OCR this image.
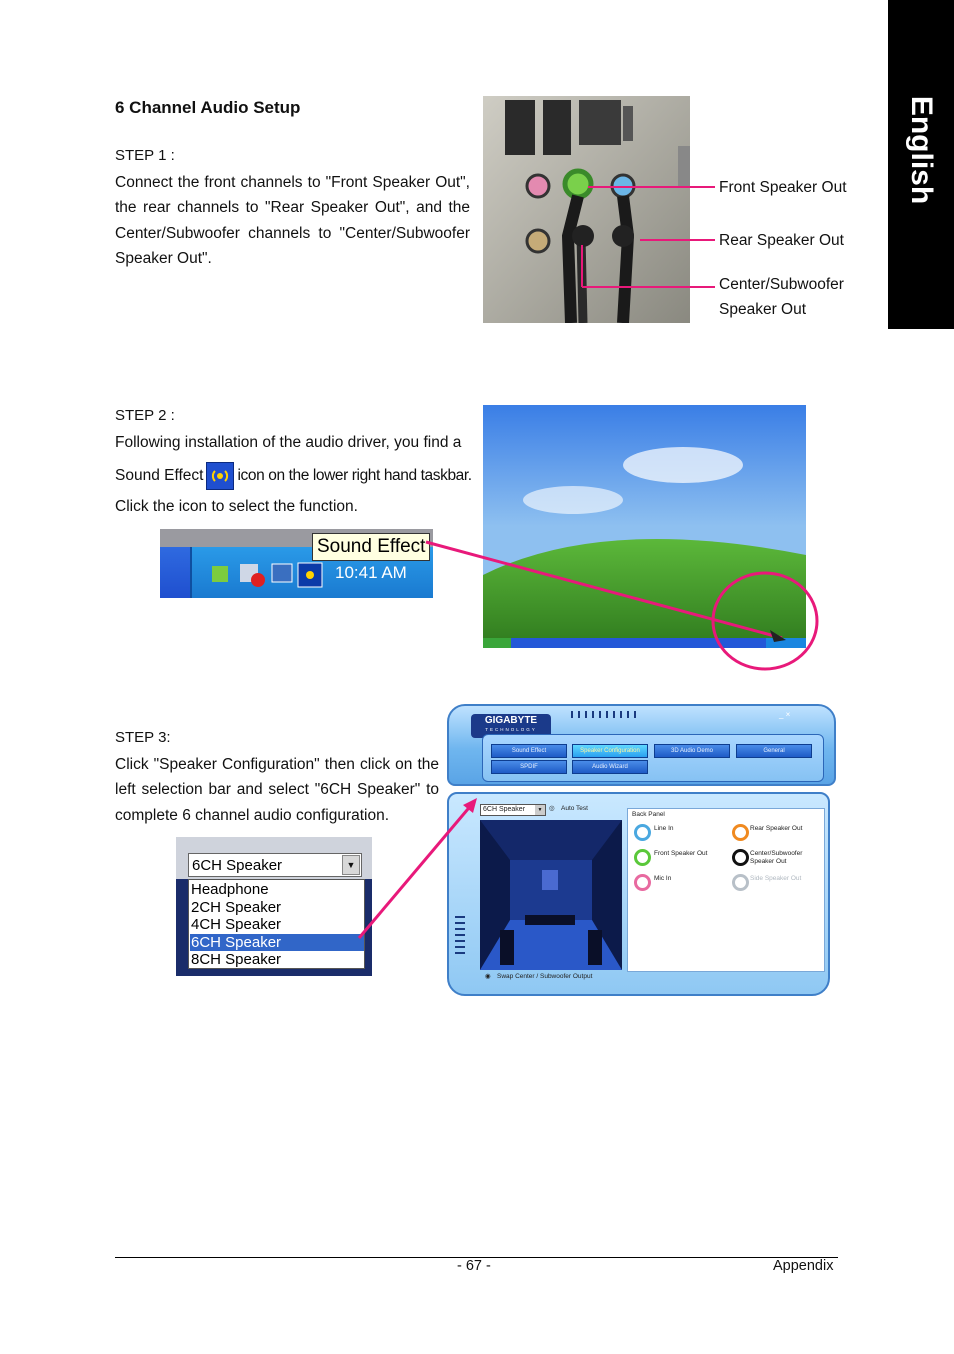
English
6 Channel Audio Setup
STEP 1 :
Connect the front channels to "Front Speaker Out", the rear channels to "Rear Speaker Out", and the Center/Subwoofer channels to "Center/Subwoofer Speaker Out".
Front Speaker Out
Rear Speaker Out
Center/Subwoofer
Speaker Out
STEP 2 :
Following installation of the audio driver, you find a
Sound Effect icon on the lower right hand taskbar.
Click the icon to select the function.
Sound Effect
10:41 AM
STEP 3:
Click "Speaker Configuration" then click on the left selection bar and select "6CH Speaker" to complete 6 channel audio configuration.
6CH Speaker	▼
Headphone
2CH Speaker
4CH Speaker
6CH Speaker
8CH Speaker
GIGABYTE
TECHNOLOGY
_ ×
Sound Effect	Speaker Configuration	3D Audio Demo	General
SPDIF	Audio Wizard
6CH Speaker	▼	◎ Auto Test
Back Panel
Line In	Rear Speaker Out
Front Speaker Out	Center/Subwoofer Speaker Out
Mic In	Side Speaker Out
◉ Swap Center / Subwoofer Output
- 67 -	Appendix
